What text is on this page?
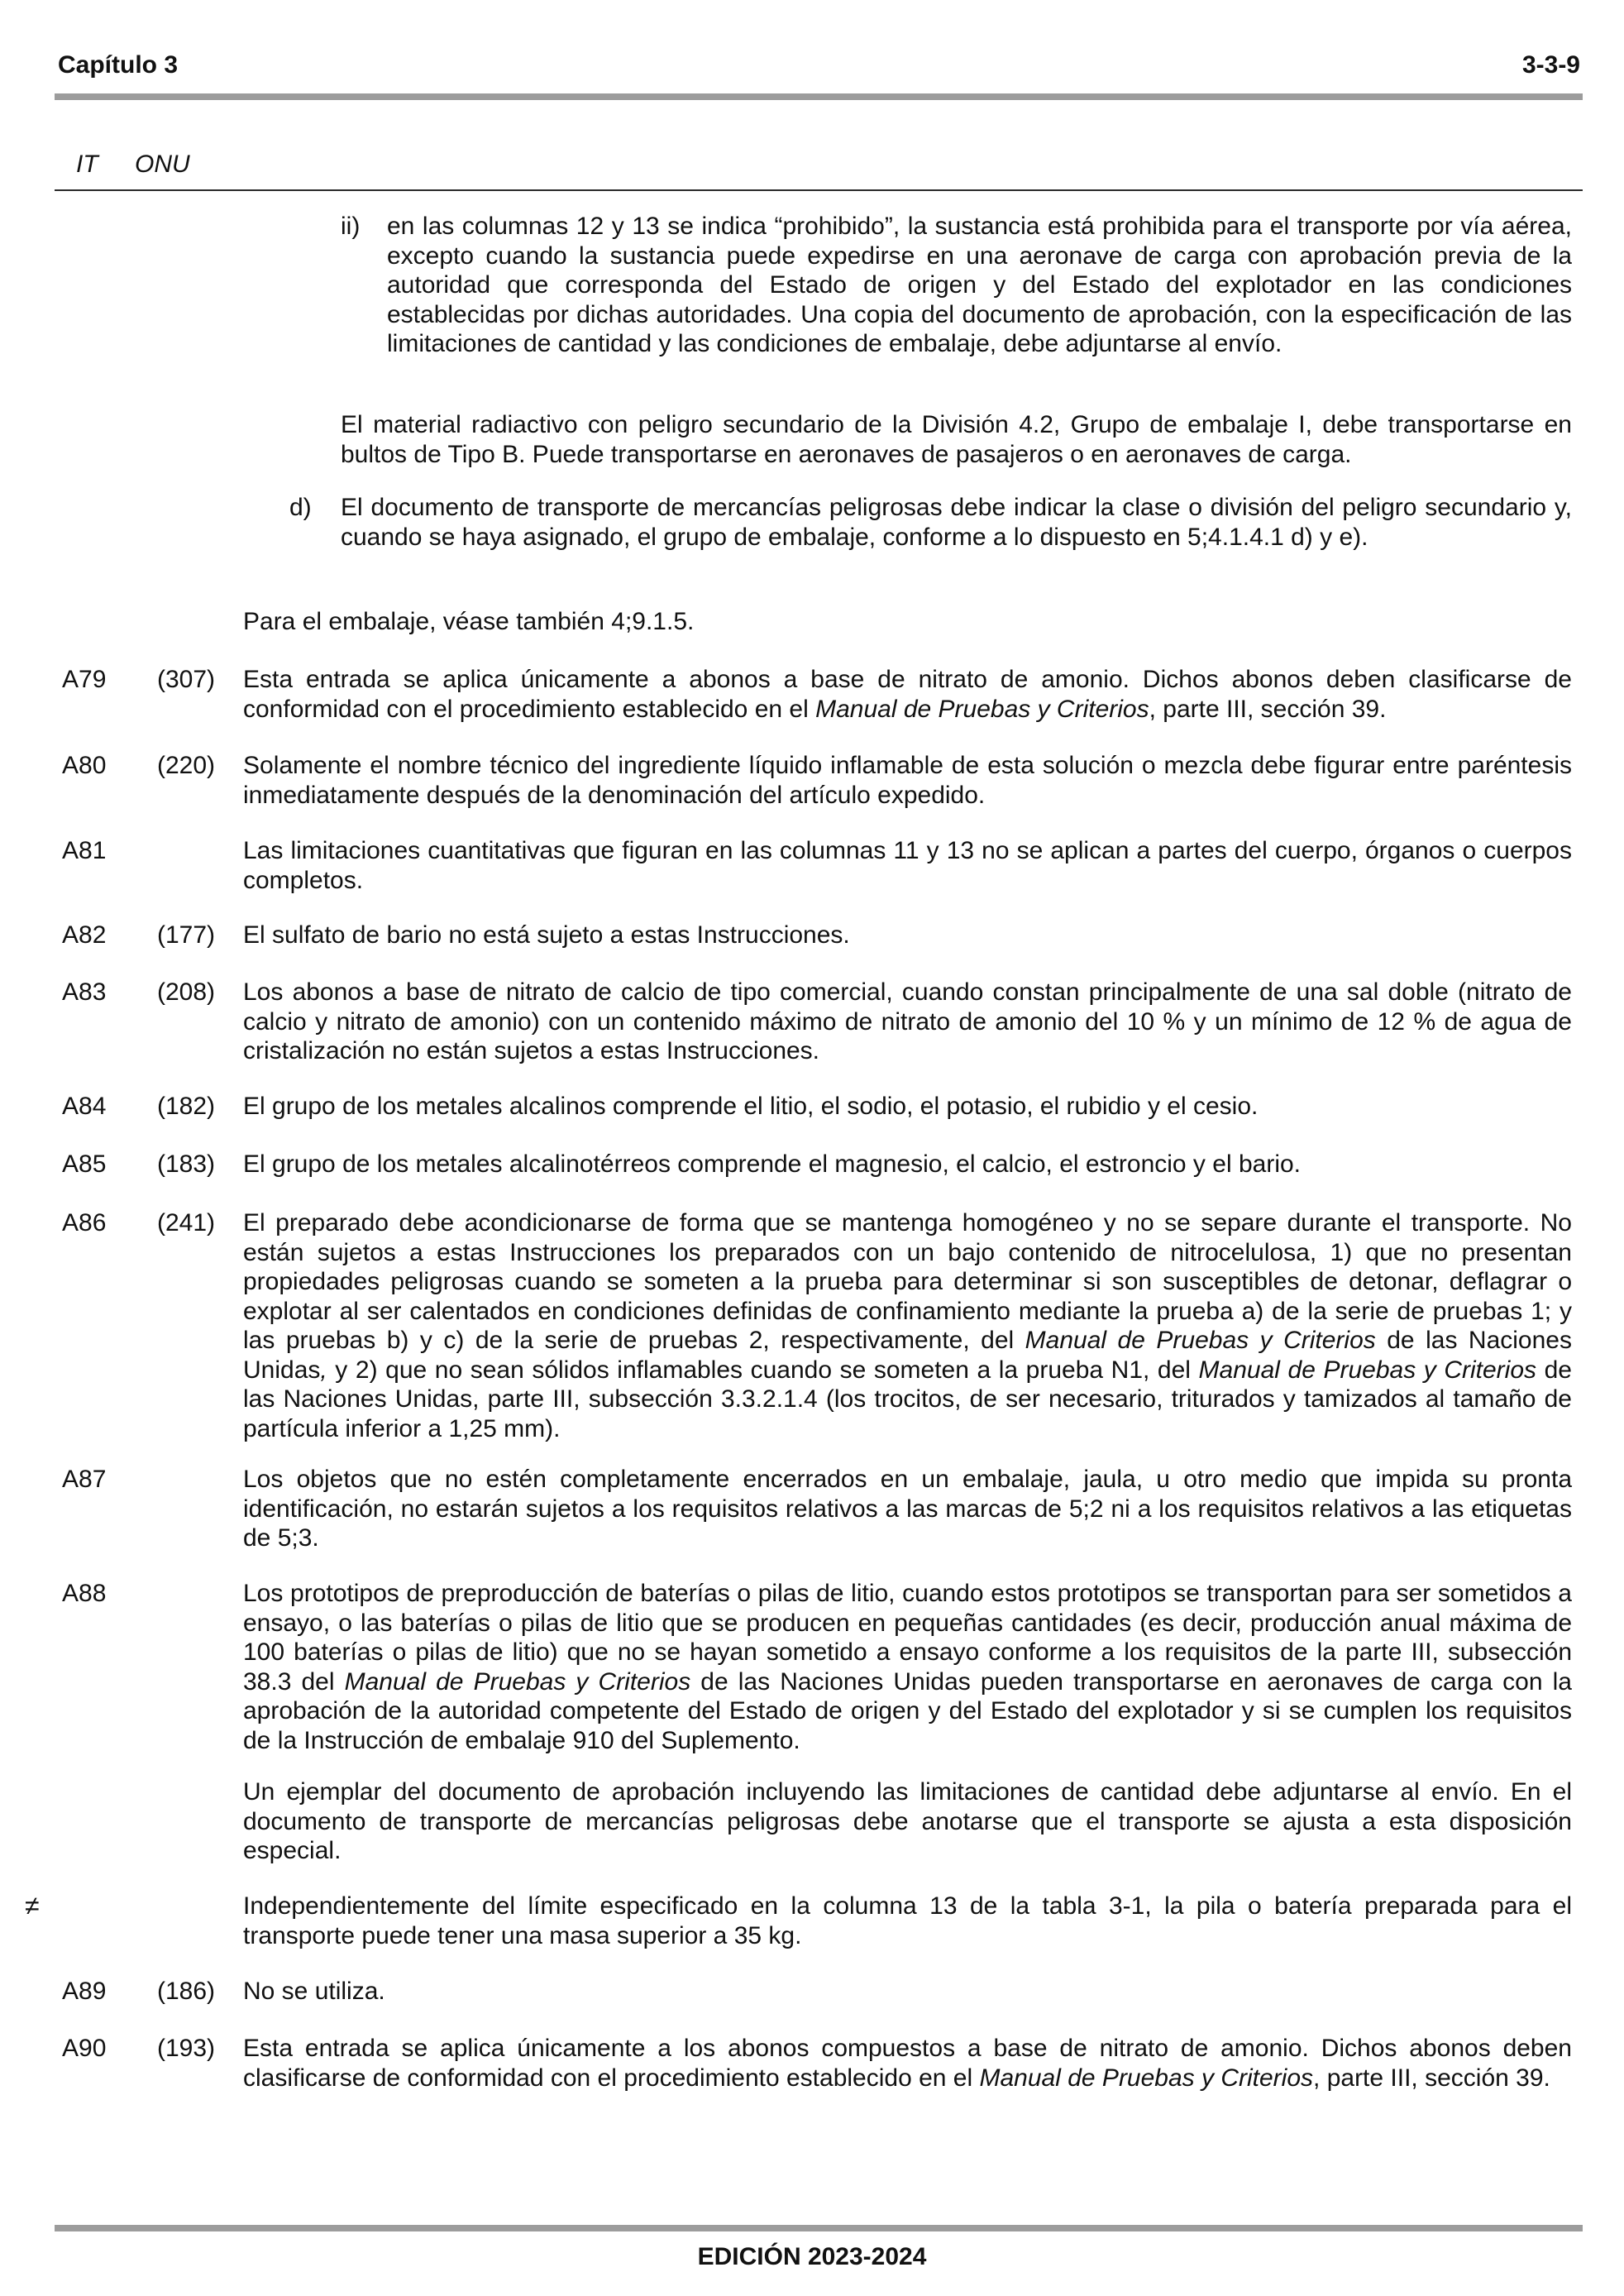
Capítulo 3	3-3-9
IT ONU
ii) en las columnas 12 y 13 se indica “prohibido”, la sustancia está prohibida para el transporte por vía aérea, excepto cuando la sustancia puede expedirse en una aeronave de carga con aprobación previa de la autoridad que corresponda del Estado de origen y del Estado del explotador en las condiciones establecidas por dichas autoridades. Una copia del documento de aprobación, con la especificación de las limitaciones de cantidad y las condiciones de embalaje, debe adjuntarse al envío.
El material radiactivo con peligro secundario de la División 4.2, Grupo de embalaje I, debe transportarse en bultos de Tipo B. Puede transportarse en aeronaves de pasajeros o en aeronaves de carga.
d) El documento de transporte de mercancías peligrosas debe indicar la clase o división del peligro secundario y, cuando se haya asignado, el grupo de embalaje, conforme a lo dispuesto en 5;4.1.4.1 d) y e).
Para el embalaje, véase también 4;9.1.5.
A79 (307) Esta entrada se aplica únicamente a abonos a base de nitrato de amonio. Dichos abonos deben clasificarse de conformidad con el procedimiento establecido en el Manual de Pruebas y Criterios, parte III, sección 39.
A80 (220) Solamente el nombre técnico del ingrediente líquido inflamable de esta solución o mezcla debe figurar entre paréntesis inmediatamente después de la denominación del artículo expedido.
A81	Las limitaciones cuantitativas que figuran en las columnas 11 y 13 no se aplican a partes del cuerpo, órganos o cuerpos completos.
A82 (177) El sulfato de bario no está sujeto a estas Instrucciones.
A83 (208) Los abonos a base de nitrato de calcio de tipo comercial, cuando constan principalmente de una sal doble (nitrato de calcio y nitrato de amonio) con un contenido máximo de nitrato de amonio del 10 % y un mínimo de 12 % de agua de cristalización no están sujetos a estas Instrucciones.
A84 (182) El grupo de los metales alcalinos comprende el litio, el sodio, el potasio, el rubidio y el cesio.
A85 (183) El grupo de los metales alcalinotérreos comprende el magnesio, el calcio, el estroncio y el bario.
A86 (241) El preparado debe acondicionarse de forma que se mantenga homogéneo y no se separe durante el transporte. No están sujetos a estas Instrucciones los preparados con un bajo contenido de nitrocelulosa, 1) que no presentan propiedades peligrosas cuando se someten a la prueba para determinar si son susceptibles de detonar, deflagrar o explotar al ser calentados en condiciones definidas de confinamiento mediante la prueba a) de la serie de pruebas 1; y las pruebas b) y c) de la serie de pruebas 2, respectivamente, del Manual de Pruebas y Criterios de las Naciones Unidas, y 2) que no sean sólidos inflamables cuando se someten a la prueba N1, del Manual de Pruebas y Criterios de las Naciones Unidas, parte III, subsección 3.3.2.1.4 (los trocitos, de ser necesario, triturados y tamizados al tamaño de partícula inferior a 1,25 mm).
A87	Los objetos que no estén completamente encerrados en un embalaje, jaula, u otro medio que impida su pronta identificación, no estarán sujetos a los requisitos relativos a las marcas de 5;2 ni a los requisitos relativos a las etiquetas de 5;3.
A88	Los prototipos de preproducción de baterías o pilas de litio, cuando estos prototipos se transportan para ser sometidos a ensayo, o las baterías o pilas de litio que se producen en pequeñas cantidades (es decir, producción anual máxima de 100 baterías o pilas de litio) que no se hayan sometido a ensayo conforme a los requisitos de la parte III, subsección 38.3 del Manual de Pruebas y Criterios de las Naciones Unidas pueden transportarse en aeronaves de carga con la aprobación de la autoridad competente del Estado de origen y del Estado del explotador y si se cumplen los requisitos de la Instrucción de embalaje 910 del Suplemento.
Un ejemplar del documento de aprobación incluyendo las limitaciones de cantidad debe adjuntarse al envío. En el documento de transporte de mercancías peligrosas debe anotarse que el transporte se ajusta a esta disposición especial.
≠	Independientemente del límite especificado en la columna 13 de la tabla 3-1, la pila o batería preparada para el transporte puede tener una masa superior a 35 kg.
A89 (186) No se utiliza.
A90 (193) Esta entrada se aplica únicamente a los abonos compuestos a base de nitrato de amonio. Dichos abonos deben clasificarse de conformidad con el procedimiento establecido en el Manual de Pruebas y Criterios, parte III, sección 39.
EDICIÓN 2023-2024
